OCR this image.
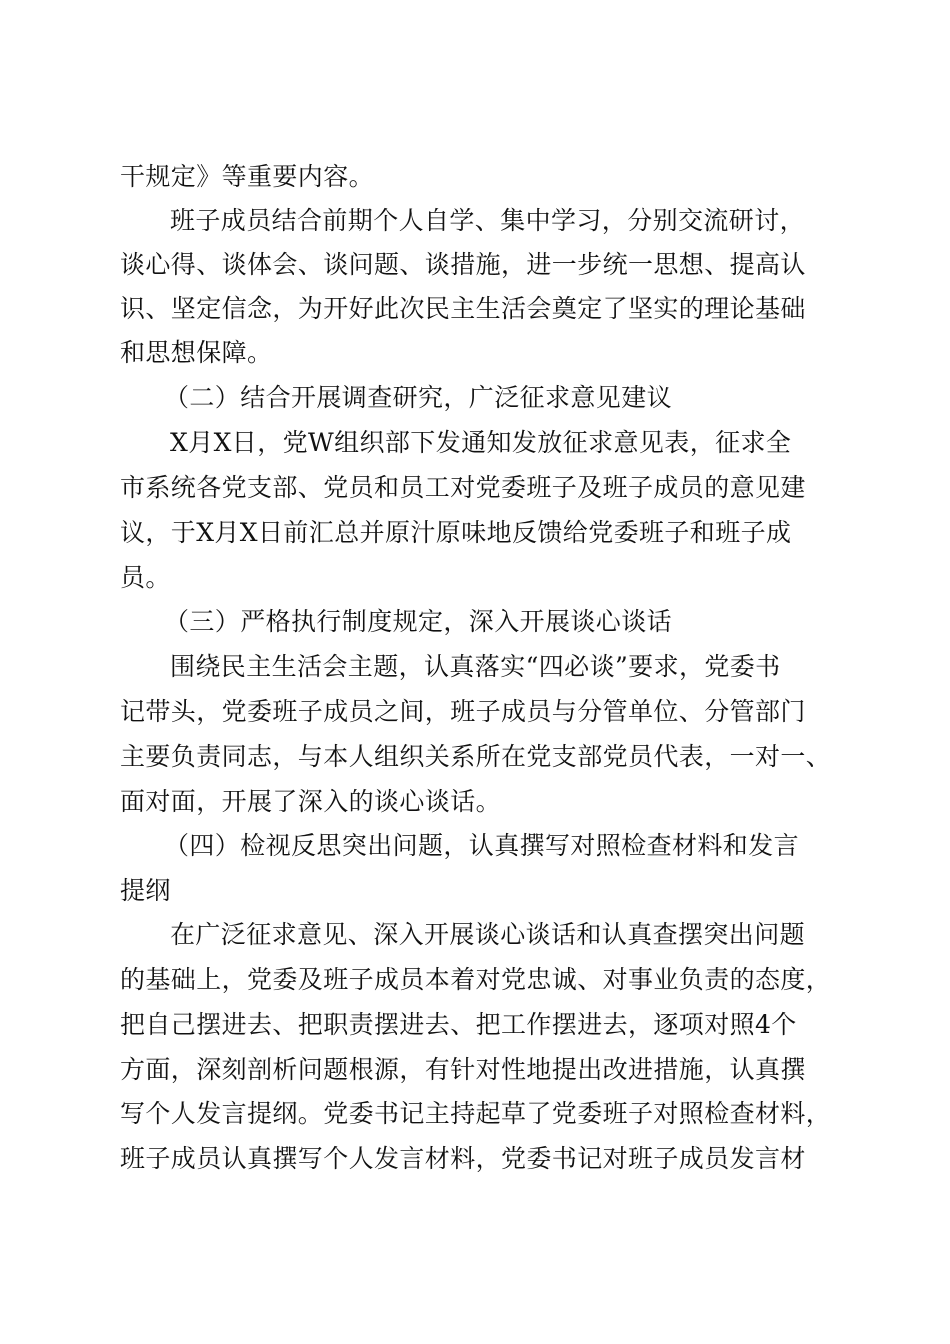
干规定》等重要内容。
班子成员结合前期个人自学、集中学习，分别交流研讨，
谈心得、谈体会、谈问题、谈措施，进一步统一思想、提高认
识、坚定信念，为开好此次民主生活会奠定了坚实的理论基础
和思想保障。
（二）结合开展调查研究，广泛征求意见建议
X月X日，党W组织部下发通知发放征求意见表，征求全
市系统各党支部、党员和员工对党委班子及班子成员的意见建
议，于X月X日前汇总并原汁原味地反馈给党委班子和班子成
员。
（三）严格执行制度规定，深入开展谈心谈话
围绕民主生活会主题，认真落实“四必谈”要求，党委书
记带头，党委班子成员之间，班子成员与分管单位、分管部门
主要负责同志，与本人组织关系所在党支部党员代表，一对一、
面对面，开展了深入的谈心谈话。
（四）检视反思突出问题，认真撰写对照检查材料和发言
提纲
在广泛征求意见、深入开展谈心谈话和认真查摆突出问题
的基础上，党委及班子成员本着对党忠诚、对事业负责的态度，
把自己摆进去、把职责摆进去、把工作摆进去，逐项对照4个
方面，深刻剖析问题根源，有针对性地提出改进措施，认真撰
写个人发言提纲。党委书记主持起草了党委班子对照检查材料，
班子成员认真撰写个人发言材料，党委书记对班子成员发言材
